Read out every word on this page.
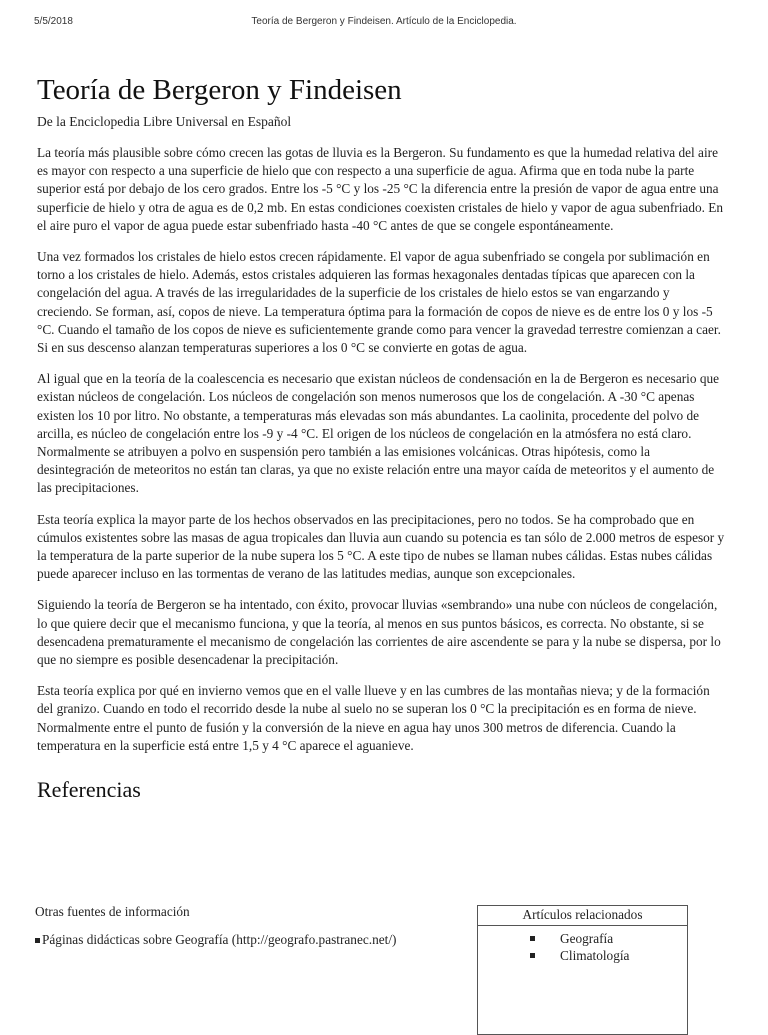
5/5/2018	Teoría de Bergeron y Findeisen. Artículo de la Enciclopedia.
Teoría de Bergeron y Findeisen
De la Enciclopedia Libre Universal en Español

La teoría más plausible sobre cómo crecen las gotas de lluvia es la Bergeron. Su fundamento es que la humedad relativa del aire es mayor con respecto a una superficie de hielo que con respecto a una superficie de agua. Afirma que en toda nube la parte superior está por debajo de los cero grados. Entre los -5 °C y los -25 °C la diferencia entre la presión de vapor de agua entre una superficie de hielo y otra de agua es de 0,2 mb. En estas condiciones coexisten cristales de hielo y vapor de agua subenfriado. En el aire puro el vapor de agua puede estar subenfriado hasta -40 °C antes de que se congele espontáneamente.

Una vez formados los cristales de hielo estos crecen rápidamente. El vapor de agua subenfriado se congela por sublimación en torno a los cristales de hielo. Además, estos cristales adquieren las formas hexagonales dentadas típicas que aparecen con la congelación del agua. A través de las irregularidades de la superficie de los cristales de hielo estos se van engarzando y creciendo. Se forman, así, copos de nieve. La temperatura óptima para la formación de copos de nieve es de entre los 0 y los -5 °C. Cuando el tamaño de los copos de nieve es suficientemente grande como para vencer la gravedad terrestre comienzan a caer. Si en sus descenso alanzan temperaturas superiores a los 0 °C se convierte en gotas de agua.

Al igual que en la teoría de la coalescencia es necesario que existan núcleos de condensación en la de Bergeron es necesario que existan núcleos de congelación. Los núcleos de congelación son menos numerosos que los de congelación. A -30 °C apenas existen los 10 por litro. No obstante, a temperaturas más elevadas son más abundantes. La caolinita, procedente del polvo de arcilla, es núcleo de congelación entre los -9 y -4 °C. El origen de los núcleos de congelación en la atmósfera no está claro. Normalmente se atribuyen a polvo en suspensión pero también a las emisiones volcánicas. Otras hipótesis, como la desintegración de meteoritos no están tan claras, ya que no existe relación entre una mayor caída de meteoritos y el aumento de las precipitaciones.

Esta teoría explica la mayor parte de los hechos observados en las precipitaciones, pero no todos. Se ha comprobado que en cúmulos existentes sobre las masas de agua tropicales dan lluvia aun cuando su potencia es tan sólo de 2.000 metros de espesor y la temperatura de la parte superior de la nube supera los 5 °C. A este tipo de nubes se llaman nubes cálidas. Estas nubes cálidas puede aparecer incluso en las tormentas de verano de las latitudes medias, aunque son excepcionales.

Siguiendo la teoría de Bergeron se ha intentado, con éxito, provocar lluvias «sembrando» una nube con núcleos de congelación, lo que quiere decir que el mecanismo funciona, y que la teoría, al menos en sus puntos básicos, es correcta. No obstante, si se desencadena prematuramente el mecanismo de congelación las corrientes de aire ascendente se para y la nube se dispersa, por lo que no siempre es posible desencadenar la precipitación.

Esta teoría explica por qué en invierno vemos que en el valle llueve y en las cumbres de las montañas nieva; y de la formación del granizo. Cuando en todo el recorrido desde la nube al suelo no se superan los 0 °C la precipitación es en forma de nieve. Normalmente entre el punto de fusión y la conversión de la nieve en agua hay unos 300 metros de diferencia. Cuando la temperatura en la superficie está entre 1,5 y 4 °C aparece el aguanieve.

Referencias
Otras fuentes de información
Páginas didácticas sobre Geografía (http://geografo.pastranec.net/)
Artículos relacionados
Geografía
Climatología
